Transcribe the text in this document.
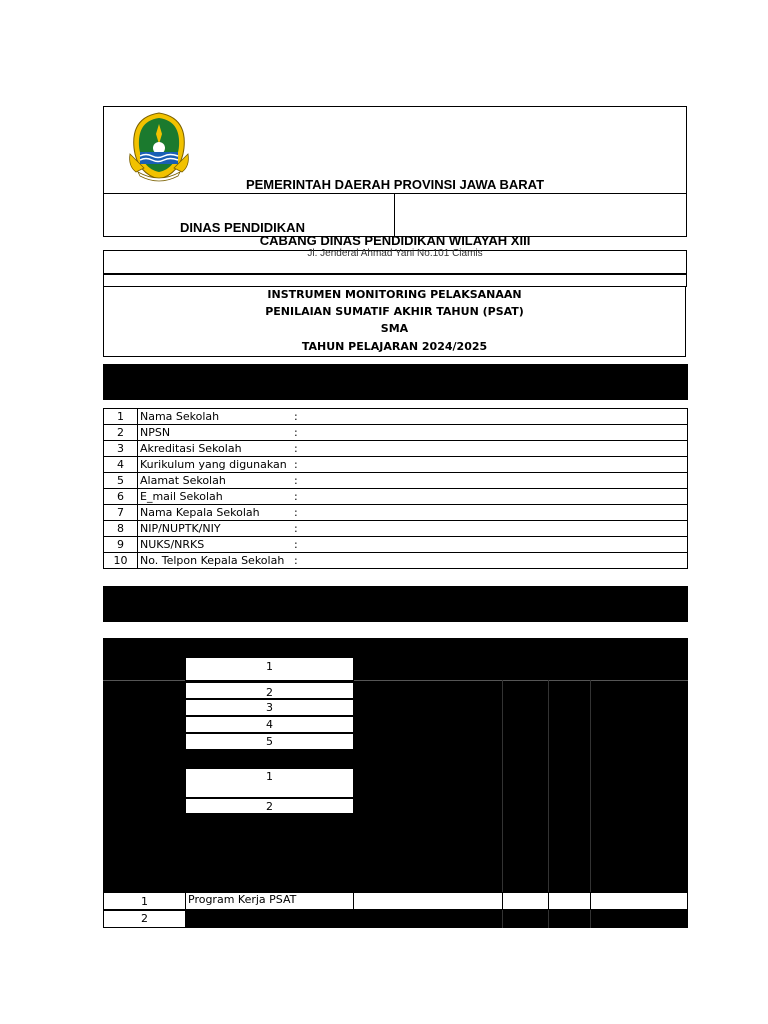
PEMERINTAH DAERAH PROVINSI JAWA BARAT
DINAS PENDIDIKAN
CABANG DINAS PENDIDIKAN WILAYAH XIII
Jl. Jenderal Ahmad Yani No.101 Ciamis
INSTRUMEN MONITORING PELAKSANAAN
PENILAIAN SUMATIF AKHIR TAHUN (PSAT)
SMA
TAHUN PELAJARAN 2024/2025
1	Nama Sekolah	:	
2	NPSN	:	
3	Akreditasi Sekolah	:	
4	Kurikulum yang digunakan	:	
5	Alamat Sekolah	:	
6	E_mail Sekolah	:	
7	Nama Kepala Sekolah	:	
8	NIP/NUPTK/NIY	:	
9	NUKS/NRKS	:	
10	No. Telpon Kepala Sekolah	:	
1
2
3
4
5
1
2
1	Program Kerja PSAT
2
